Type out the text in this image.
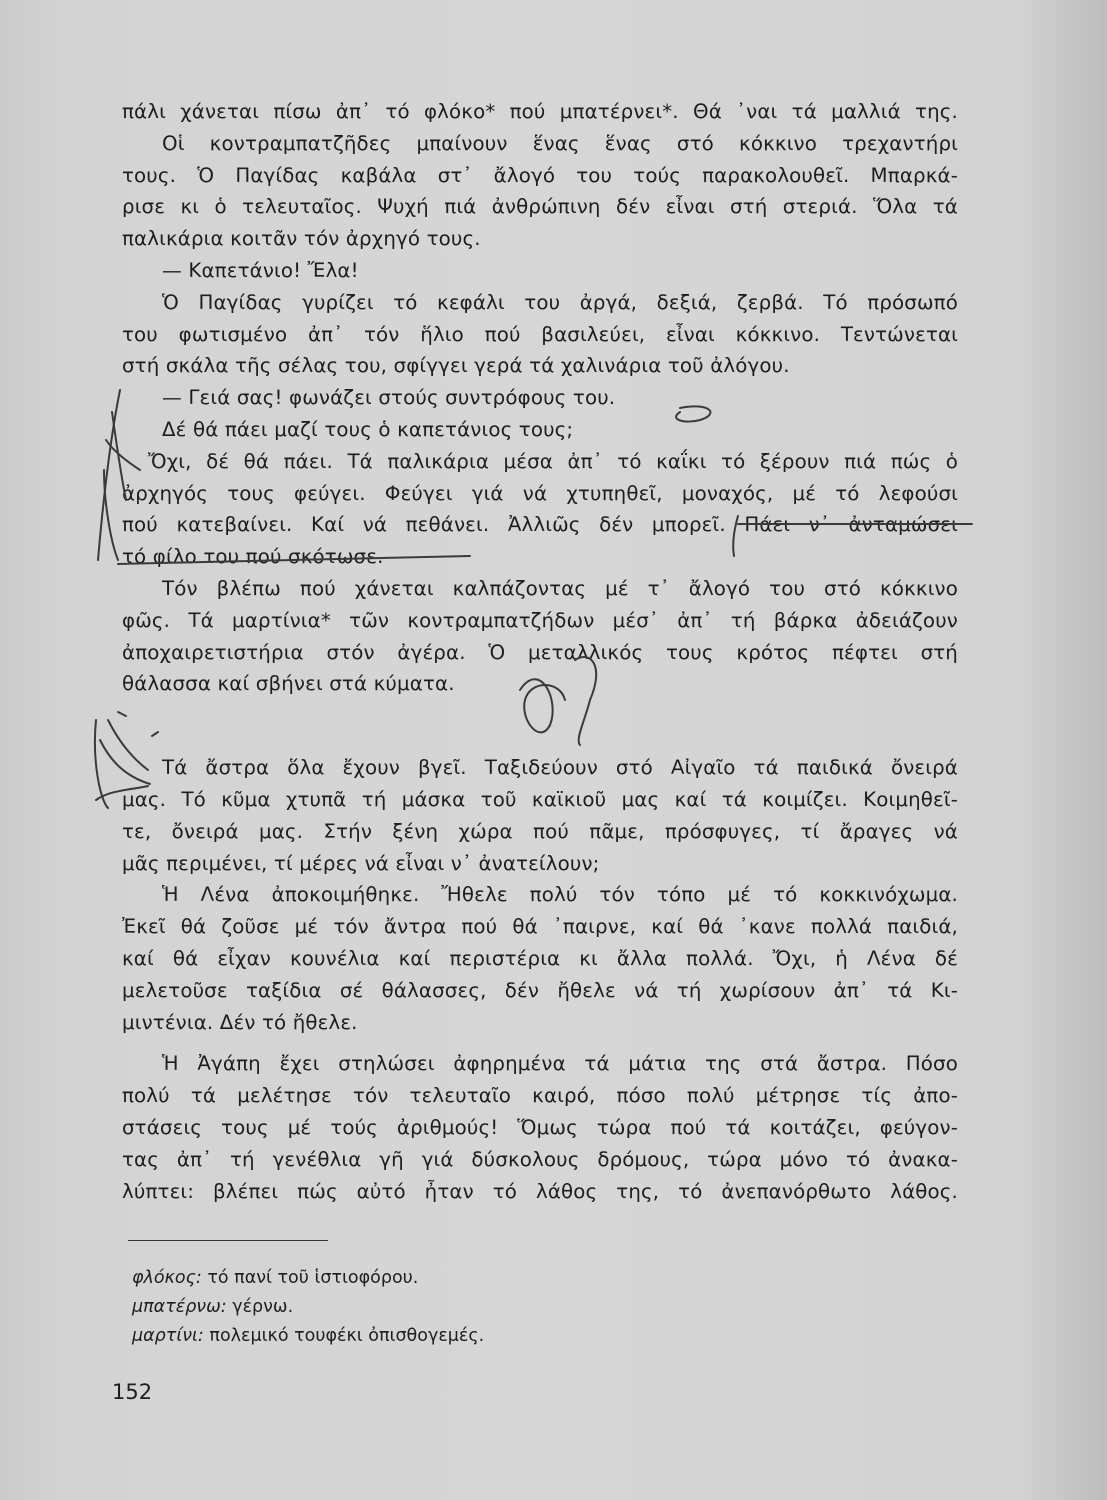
πάλι χάνεται πίσω ἀπ᾽ τό φλόκο* πού μπατέρνει*. Θά ᾽ναι τά μαλλιά της.
Οἱ κοντραμπατζῆδες μπαίνουν ἕνας ἕνας στό κόκκινο τρεχαντήρι
τους. Ὁ Παγίδας καβάλα στ᾽ ἄλογό του τούς παρακολουθεῖ. Μπαρκά-
ρισε κι ὁ τελευταῖος. Ψυχή πιά ἀνθρώπινη δέν εἶναι στή στεριά. Ὅλα τά
παλικάρια κοιτᾶν τόν ἀρχηγό τους.
— Καπετάνιο! Ἔλα!
Ὁ Παγίδας γυρίζει τό κεφάλι του ἀργά, δεξιά, ζερβά. Τό πρόσωπό
του φωτισμένο ἀπ᾽ τόν ἥλιο πού βασιλεύει, εἶναι κόκκινο. Τεντώνεται
στή σκάλα τῆς σέλας του, σφίγγει γερά τά χαλινάρια τοῦ ἀλόγου.
— Γειά σας! φωνάζει στούς συντρόφους του.
Δέ θά πάει μαζί τους ὁ καπετάνιος τους;
Ὄχι, δέ θά πάει. Τά παλικάρια μέσα ἀπ᾽ τό καΐκι τό ξέρουν πιά πώς ὁ
ἀρχηγός τους φεύγει. Φεύγει γιά νά χτυπηθεῖ, μοναχός, μέ τό λεφούσι
πού κατεβαίνει. Καί νά πεθάνει. Ἀλλιῶς δέν μπορεῖ. Πάει ν᾽ ἀνταμώσει
τό φίλο του πού σκότωσε.
Τόν βλέπω πού χάνεται καλπάζοντας μέ τ᾽ ἄλογό του στό κόκκινο
φῶς. Τά μαρτίνια* τῶν κοντραμπατζήδων μέσ᾽ ἀπ᾽ τή βάρκα ἀδειάζουν
ἀποχαιρετιστήρια στόν ἀγέρα. Ὁ μεταλλικός τους κρότος πέφτει στή
θάλασσα καί σβήνει στά κύματα.
Τά ἄστρα ὅλα ἔχουν βγεῖ. Ταξιδεύουν στό Αἰγαῖο τά παιδικά ὄνειρά
μας. Τό κῦμα χτυπᾶ τή μάσκα τοῦ καϊκιοῦ μας καί τά κοιμίζει. Κοιμηθεῖ-
τε, ὄνειρά μας. Στήν ξένη χώρα πού πᾶμε, πρόσφυγες, τί ἄραγες νά
μᾶς περιμένει, τί μέρες νά εἶναι ν᾽ ἀνατείλουν;
Ἡ Λένα ἀποκοιμήθηκε. Ἤθελε πολύ τόν τόπο μέ τό κοκκινόχωμα.
Ἐκεῖ θά ζοῦσε μέ τόν ἄντρα πού θά ᾽παιρνε, καί θά ᾽κανε πολλά παιδιά,
καί θά εἶχαν κουνέλια καί περιστέρια κι ἄλλα πολλά. Ὄχι, ἡ Λένα δέ
μελετοῦσε ταξίδια σέ θάλασσες, δέν ἤθελε νά τή χωρίσουν ἀπ᾽ τά Κι-
μιντένια. Δέν τό ἤθελε.
Ἡ Ἀγάπη ἔχει στηλώσει ἀφηρημένα τά μάτια της στά ἄστρα. Πόσο
πολύ τά μελέτησε τόν τελευταῖο καιρό, πόσο πολύ μέτρησε τίς ἀπο-
στάσεις τους μέ τούς ἀριθμούς! Ὅμως τώρα πού τά κοιτάζει, φεύγον-
τας ἀπ᾽ τή γενέθλια γῆ γιά δύσκολους δρόμους, τώρα μόνο τό ἀνακα-
λύπτει: βλέπει πώς αὐτό ἦταν τό λάθος της, τό ἀνεπανόρθωτο λάθος.
φλόκος: τό πανί τοῦ ἱστιοφόρου.
μπατέρνω: γέρνω.
μαρτίνι: πολεμικό τουφέκι ὀπισθογεμές.
152
